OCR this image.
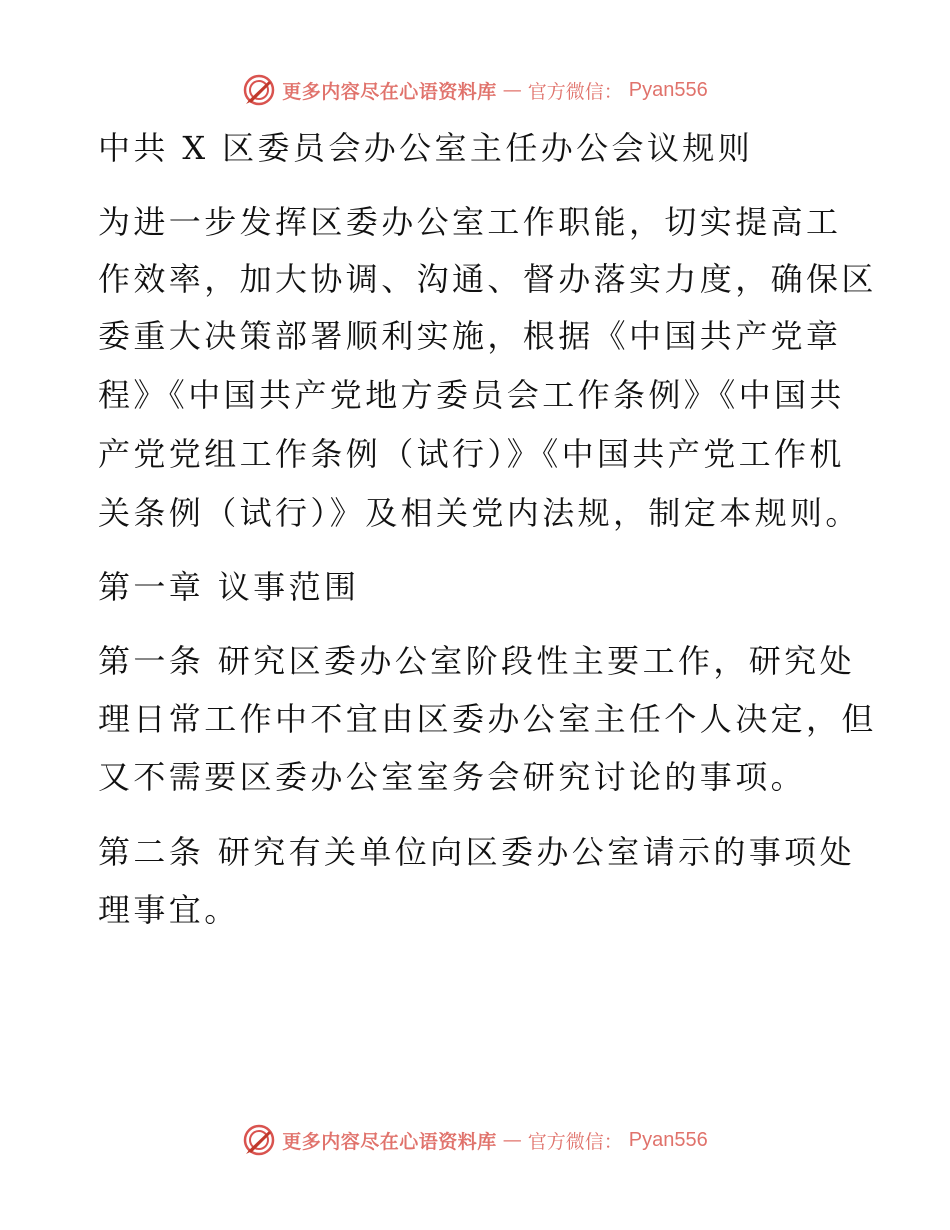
更多内容尽在心语资料库 — 官方微信： Pyan556
中共 X 区委员会办公室主任办公会议规则
为进一步发挥区委办公室工作职能，切实提高工
作效率，加大协调、沟通、督办落实力度，确保区
委重大决策部署顺利实施，根据《中国共产党章
程》《中国共产党地方委员会工作条例》《中国共
产党党组工作条例（试行）》《中国共产党工作机
关条例（试行）》及相关党内法规，制定本规则。
第一章 议事范围
第一条 研究区委办公室阶段性主要工作，研究处
理日常工作中不宜由区委办公室主任个人决定，但
又不需要区委办公室室务会研究讨论的事项。
第二条 研究有关单位向区委办公室请示的事项处
理事宜。
更多内容尽在心语资料库 — 官方微信： Pyan556
